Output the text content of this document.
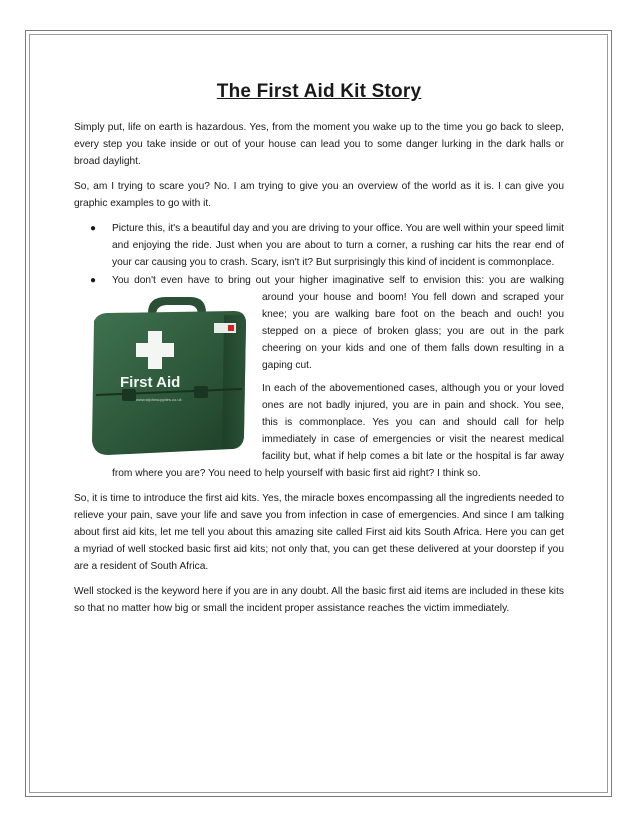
The First Aid Kit Story

Simply put, life on earth is hazardous. Yes, from the moment you wake up to the time you go back to sleep, every step you take inside or out of your house can lead you to some danger lurking in the dark halls or broad daylight.

So, am I trying to scare you? No. I am trying to give you an overview of the world as it is. I can give you graphic examples to go with it.

● Picture this, it's a beautiful day and you are driving to your office. You are well within your speed limit and enjoying the ride. Just when you are about to turn a corner, a rushing car hits the rear end of your car causing you to crash. Scary, isn't it? But surprisingly this kind of incident is commonplace.
● You don't even have to bring out your higher imaginative self to envision this: you are walking
First Aid
www.stjohnsupplies.co.uk
around your house and boom! You fell down and scraped your knee; you are walking bare foot on the beach and ouch! you stepped on a piece of broken glass; you are out in the park cheering on your kids and one of them falls down resulting in a gaping cut.

In each of the abovementioned cases, although you or your loved ones are not badly injured, you are in pain and shock. You see, this is commonplace. Yes you can and should call for help immediately in case of emergencies or visit the nearest medical facility but, what if help comes a bit late or the hospital is far away from where you are? You need to help yourself with basic first aid right? I think so.

So, it is time to introduce the first aid kits. Yes, the miracle boxes encompassing all the ingredients needed to relieve your pain, save your life and save you from infection in case of emergencies. And since I am talking about first aid kits, let me tell you about this amazing site called First aid kits South Africa. Here you can get a myriad of well stocked basic first aid kits; not only that, you can get these delivered at your doorstep if you are a resident of South Africa.

Well stocked is the keyword here if you are in any doubt. All the basic first aid items are included in these kits so that no matter how big or small the incident proper assistance reaches the victim immediately.
